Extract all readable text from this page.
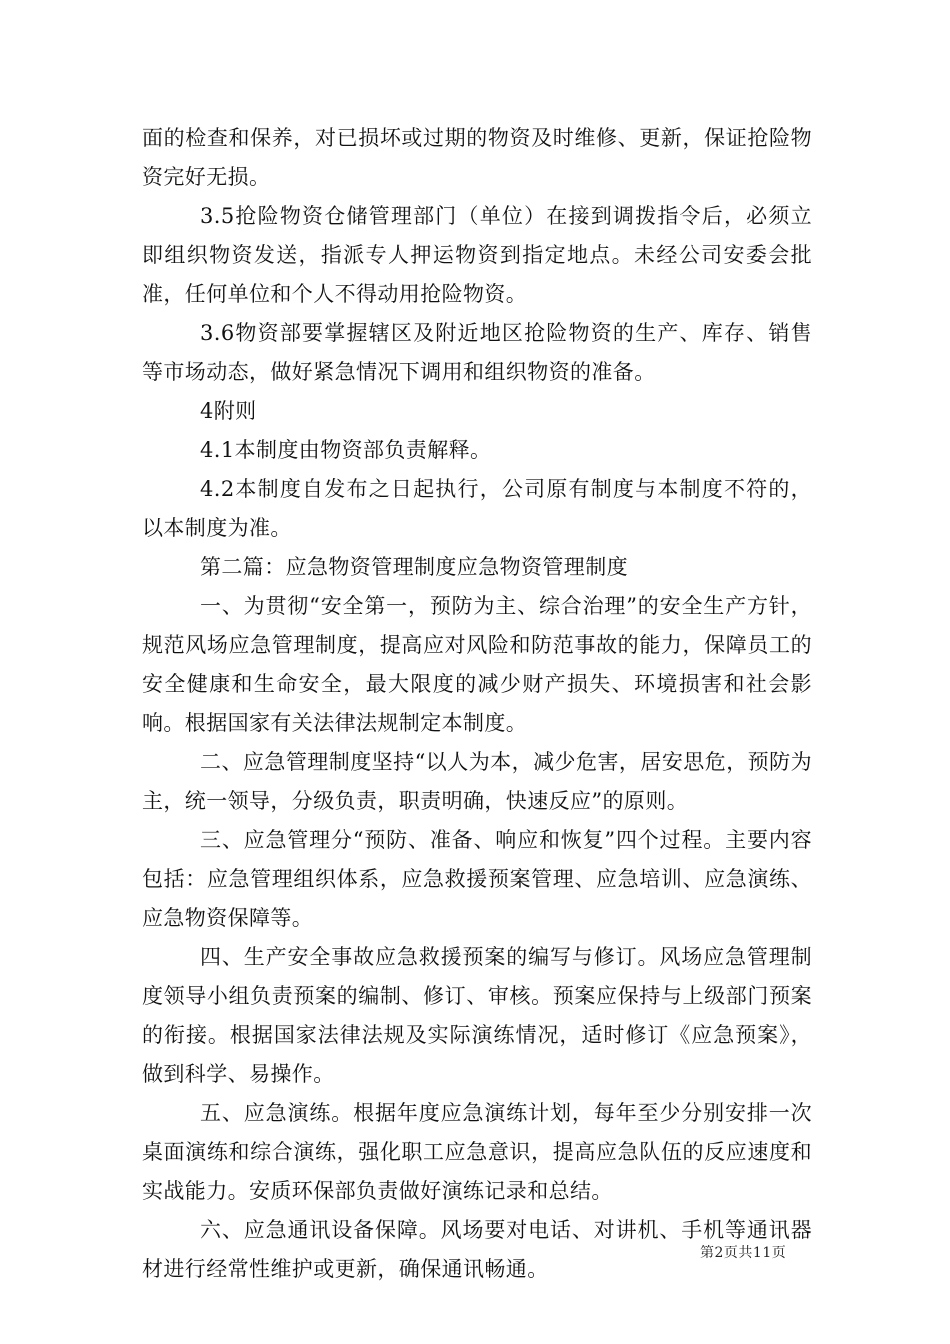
面的检查和保养，对已损坏或过期的物资及时维修、更新，保证抢险物资完好无损。

3.5抢险物资仓储管理部门（单位）在接到调拨指令后，必须立即组织物资发送，指派专人押运物资到指定地点。未经公司安委会批准，任何单位和个人不得动用抢险物资。

3.6物资部要掌握辖区及附近地区抢险物资的生产、库存、销售等市场动态，做好紧急情况下调用和组织物资的准备。

4附则

4.1本制度由物资部负责解释。

4.2本制度自发布之日起执行，公司原有制度与本制度不符的，以本制度为准。

第二篇：应急物资管理制度应急物资管理制度

一、为贯彻“安全第一，预防为主、综合治理”的安全生产方针，规范风场应急管理制度，提高应对风险和防范事故的能力，保障员工的安全健康和生命安全，最大限度的减少财产损失、环境损害和社会影响。根据国家有关法律法规制定本制度。

二、应急管理制度坚持“以人为本，减少危害，居安思危，预防为主，统一领导，分级负责，职责明确，快速反应”的原则。

三、应急管理分“预防、准备、响应和恢复”四个过程。主要内容包括：应急管理组织体系，应急救援预案管理、应急培训、应急演练、应急物资保障等。

四、生产安全事故应急救援预案的编写与修订。风场应急管理制度领导小组负责预案的编制、修订、审核。预案应保持与上级部门预案的衔接。根据国家法律法规及实际演练情况，适时修订《应急预案》，做到科学、易操作。

五、应急演练。根据年度应急演练计划，每年至少分别安排一次桌面演练和综合演练，强化职工应急意识，提高应急队伍的反应速度和实战能力。安质环保部负责做好演练记录和总结。

六、应急通讯设备保障。风场要对电话、对讲机、手机等通讯器材进行经常性维护或更新，确保通讯畅通。

第2页共11页
